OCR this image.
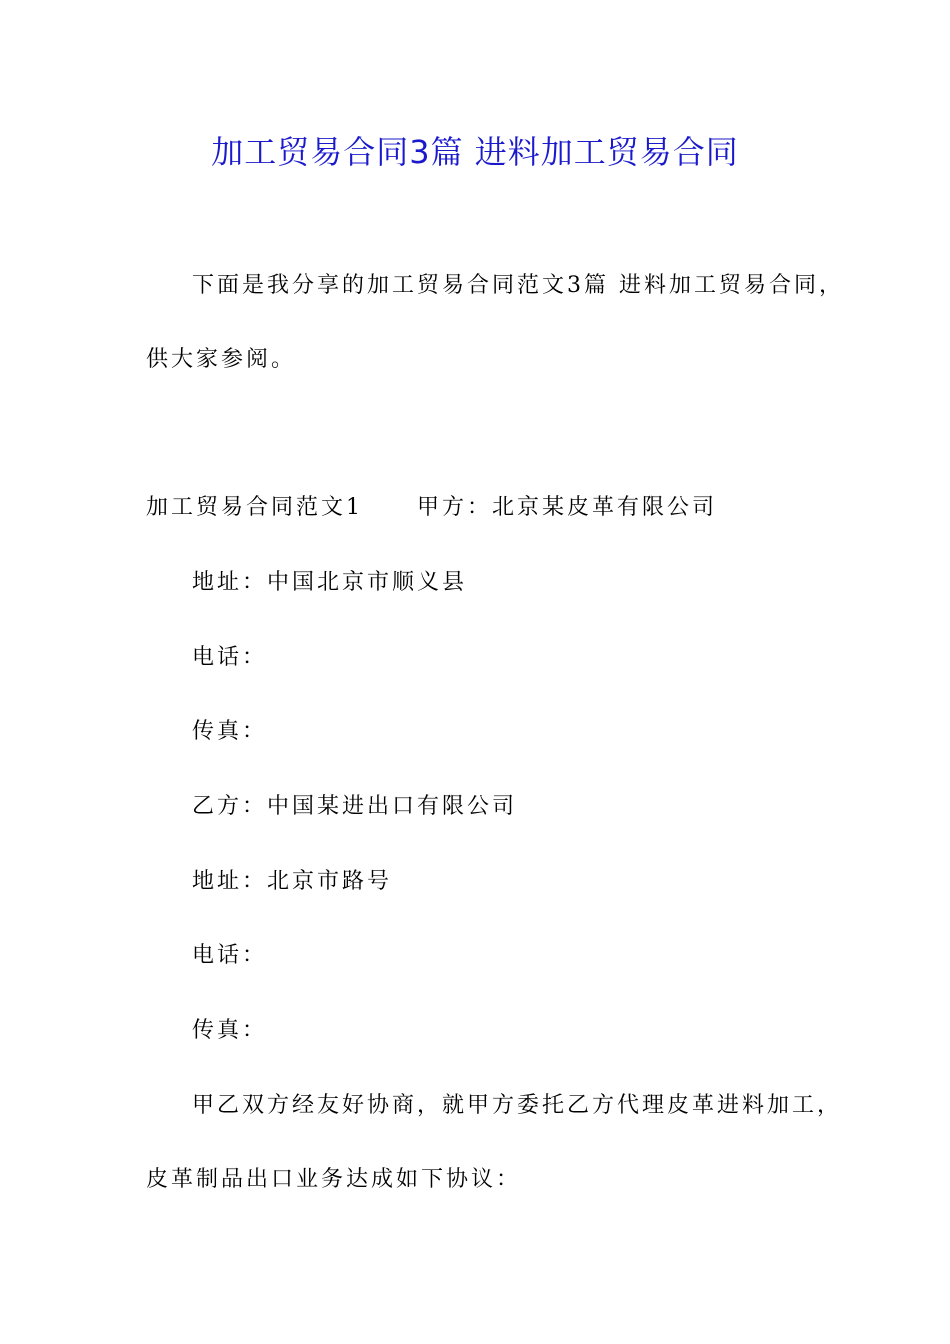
加工贸易合同3篇 进料加工贸易合同
下面是我分享的加工贸易合同范文3篇 进料加工贸易合同，
供大家参阅。
加工贸易合同范文1 甲方：北京某皮革有限公司
地址：中国北京市顺义县
电话：
传真：
乙方：中国某进出口有限公司
地址：北京市路号
电话：
传真：
甲乙双方经友好协商，就甲方委托乙方代理皮革进料加工，
皮革制品出口业务达成如下协议：
